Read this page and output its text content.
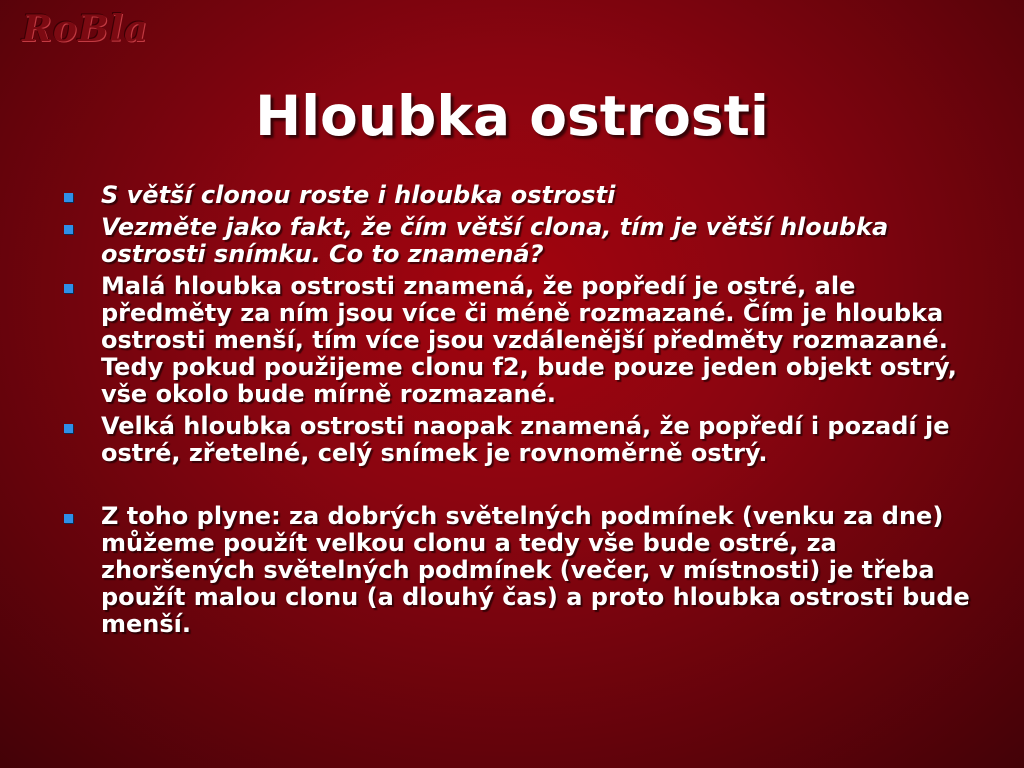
RoBla
Hloubka ostrosti
S větší clonou roste i hloubka ostrosti
Vezměte jako fakt, že čím větší clona, tím je větší hloubka ostrosti snímku. Co to znamená?
Malá hloubka ostrosti znamená, že popředí je ostré, ale předměty za ním jsou více či méně rozmazané. Čím je hloubka ostrosti menší, tím více jsou vzdálenější předměty rozmazané. Tedy pokud použijeme clonu f2, bude pouze jeden objekt ostrý, vše okolo bude mírně rozmazané.
Velká hloubka ostrosti naopak znamená, že popředí i pozadí je ostré, zřetelné, celý snímek je rovnoměrně ostrý.
Z toho plyne: za dobrých světelných podmínek (venku za dne) můžeme použít velkou clonu a tedy vše bude ostré, za zhoršených světelných podmínek (večer, v místnosti) je třeba použít malou clonu (a dlouhý čas) a proto hloubka ostrosti bude menší.
